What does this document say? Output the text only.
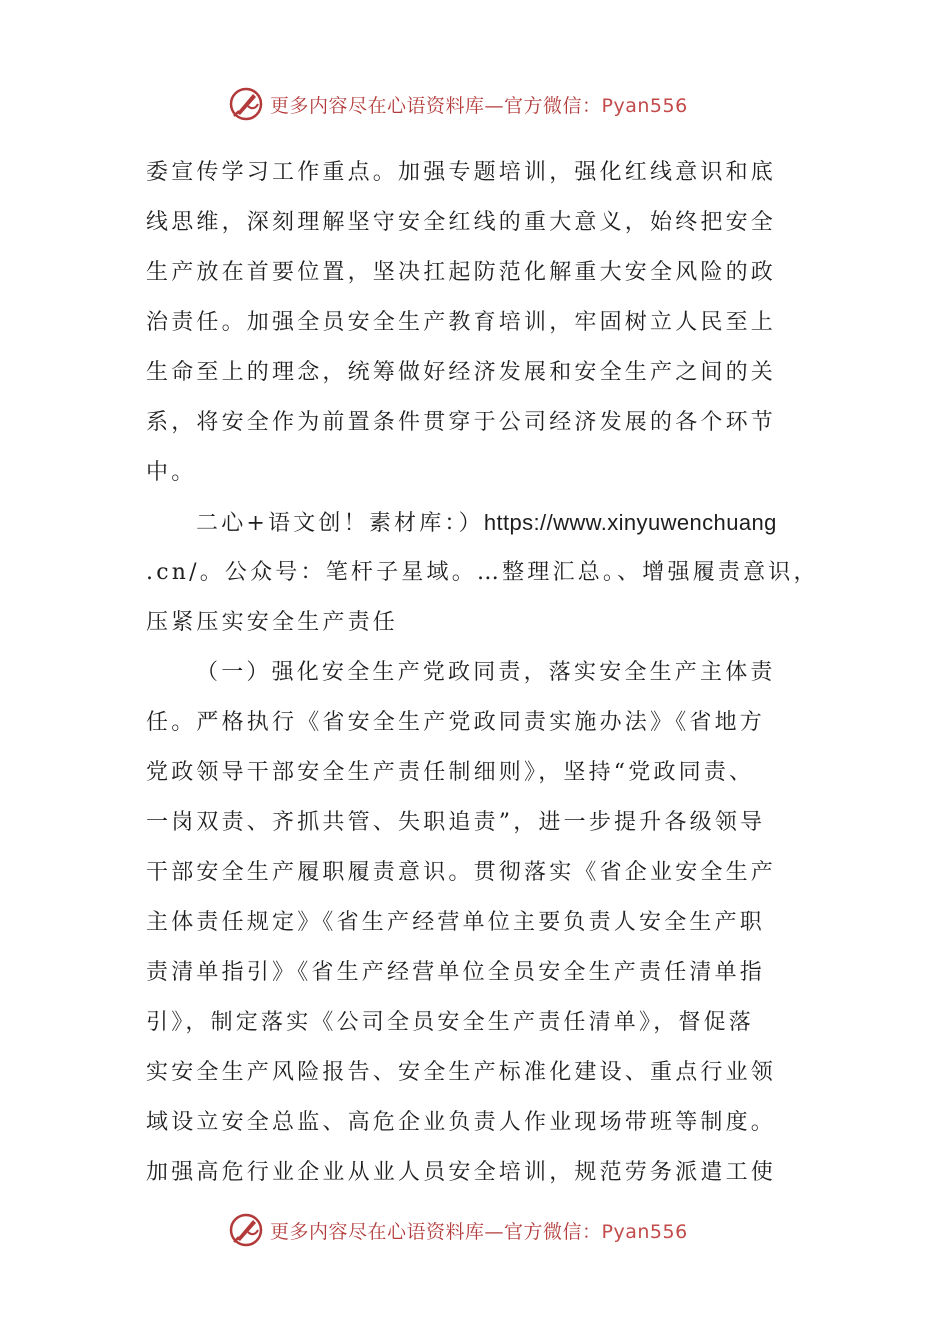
更多内容尽在心语资料库—官方微信：Pyan556
委宣传学习工作重点。加强专题培训，强化红线意识和底
线思维，深刻理解坚守安全红线的重大意义，始终把安全
生产放在首要位置，坚决扛起防范化解重大安全风险的政
治责任。加强全员安全生产教育培训，牢固树立人民至上
生命至上的理念，统筹做好经济发展和安全生产之间的关
系，将安全作为前置条件贯穿于公司经济发展的各个环节
中。
二心+语文创！素材库：）https://www.xinyuwenchuang
.cn/。公众号：笔杆子星域。…整理汇总。、增强履责意识，
压紧压实安全生产责任
（一）强化安全生产党政同责，落实安全生产主体责
任。严格执行《省安全生产党政同责实施办法》《省地方
党政领导干部安全生产责任制细则》，坚持“党政同责、
一岗双责、齐抓共管、失职追责”，进一步提升各级领导
干部安全生产履职履责意识。贯彻落实《省企业安全生产
主体责任规定》《省生产经营单位主要负责人安全生产职
责清单指引》《省生产经营单位全员安全生产责任清单指
引》，制定落实《公司全员安全生产责任清单》，督促落
实安全生产风险报告、安全生产标准化建设、重点行业领
域设立安全总监、高危企业负责人作业现场带班等制度。
加强高危行业企业从业人员安全培训，规范劳务派遣工使
更多内容尽在心语资料库—官方微信：Pyan556
